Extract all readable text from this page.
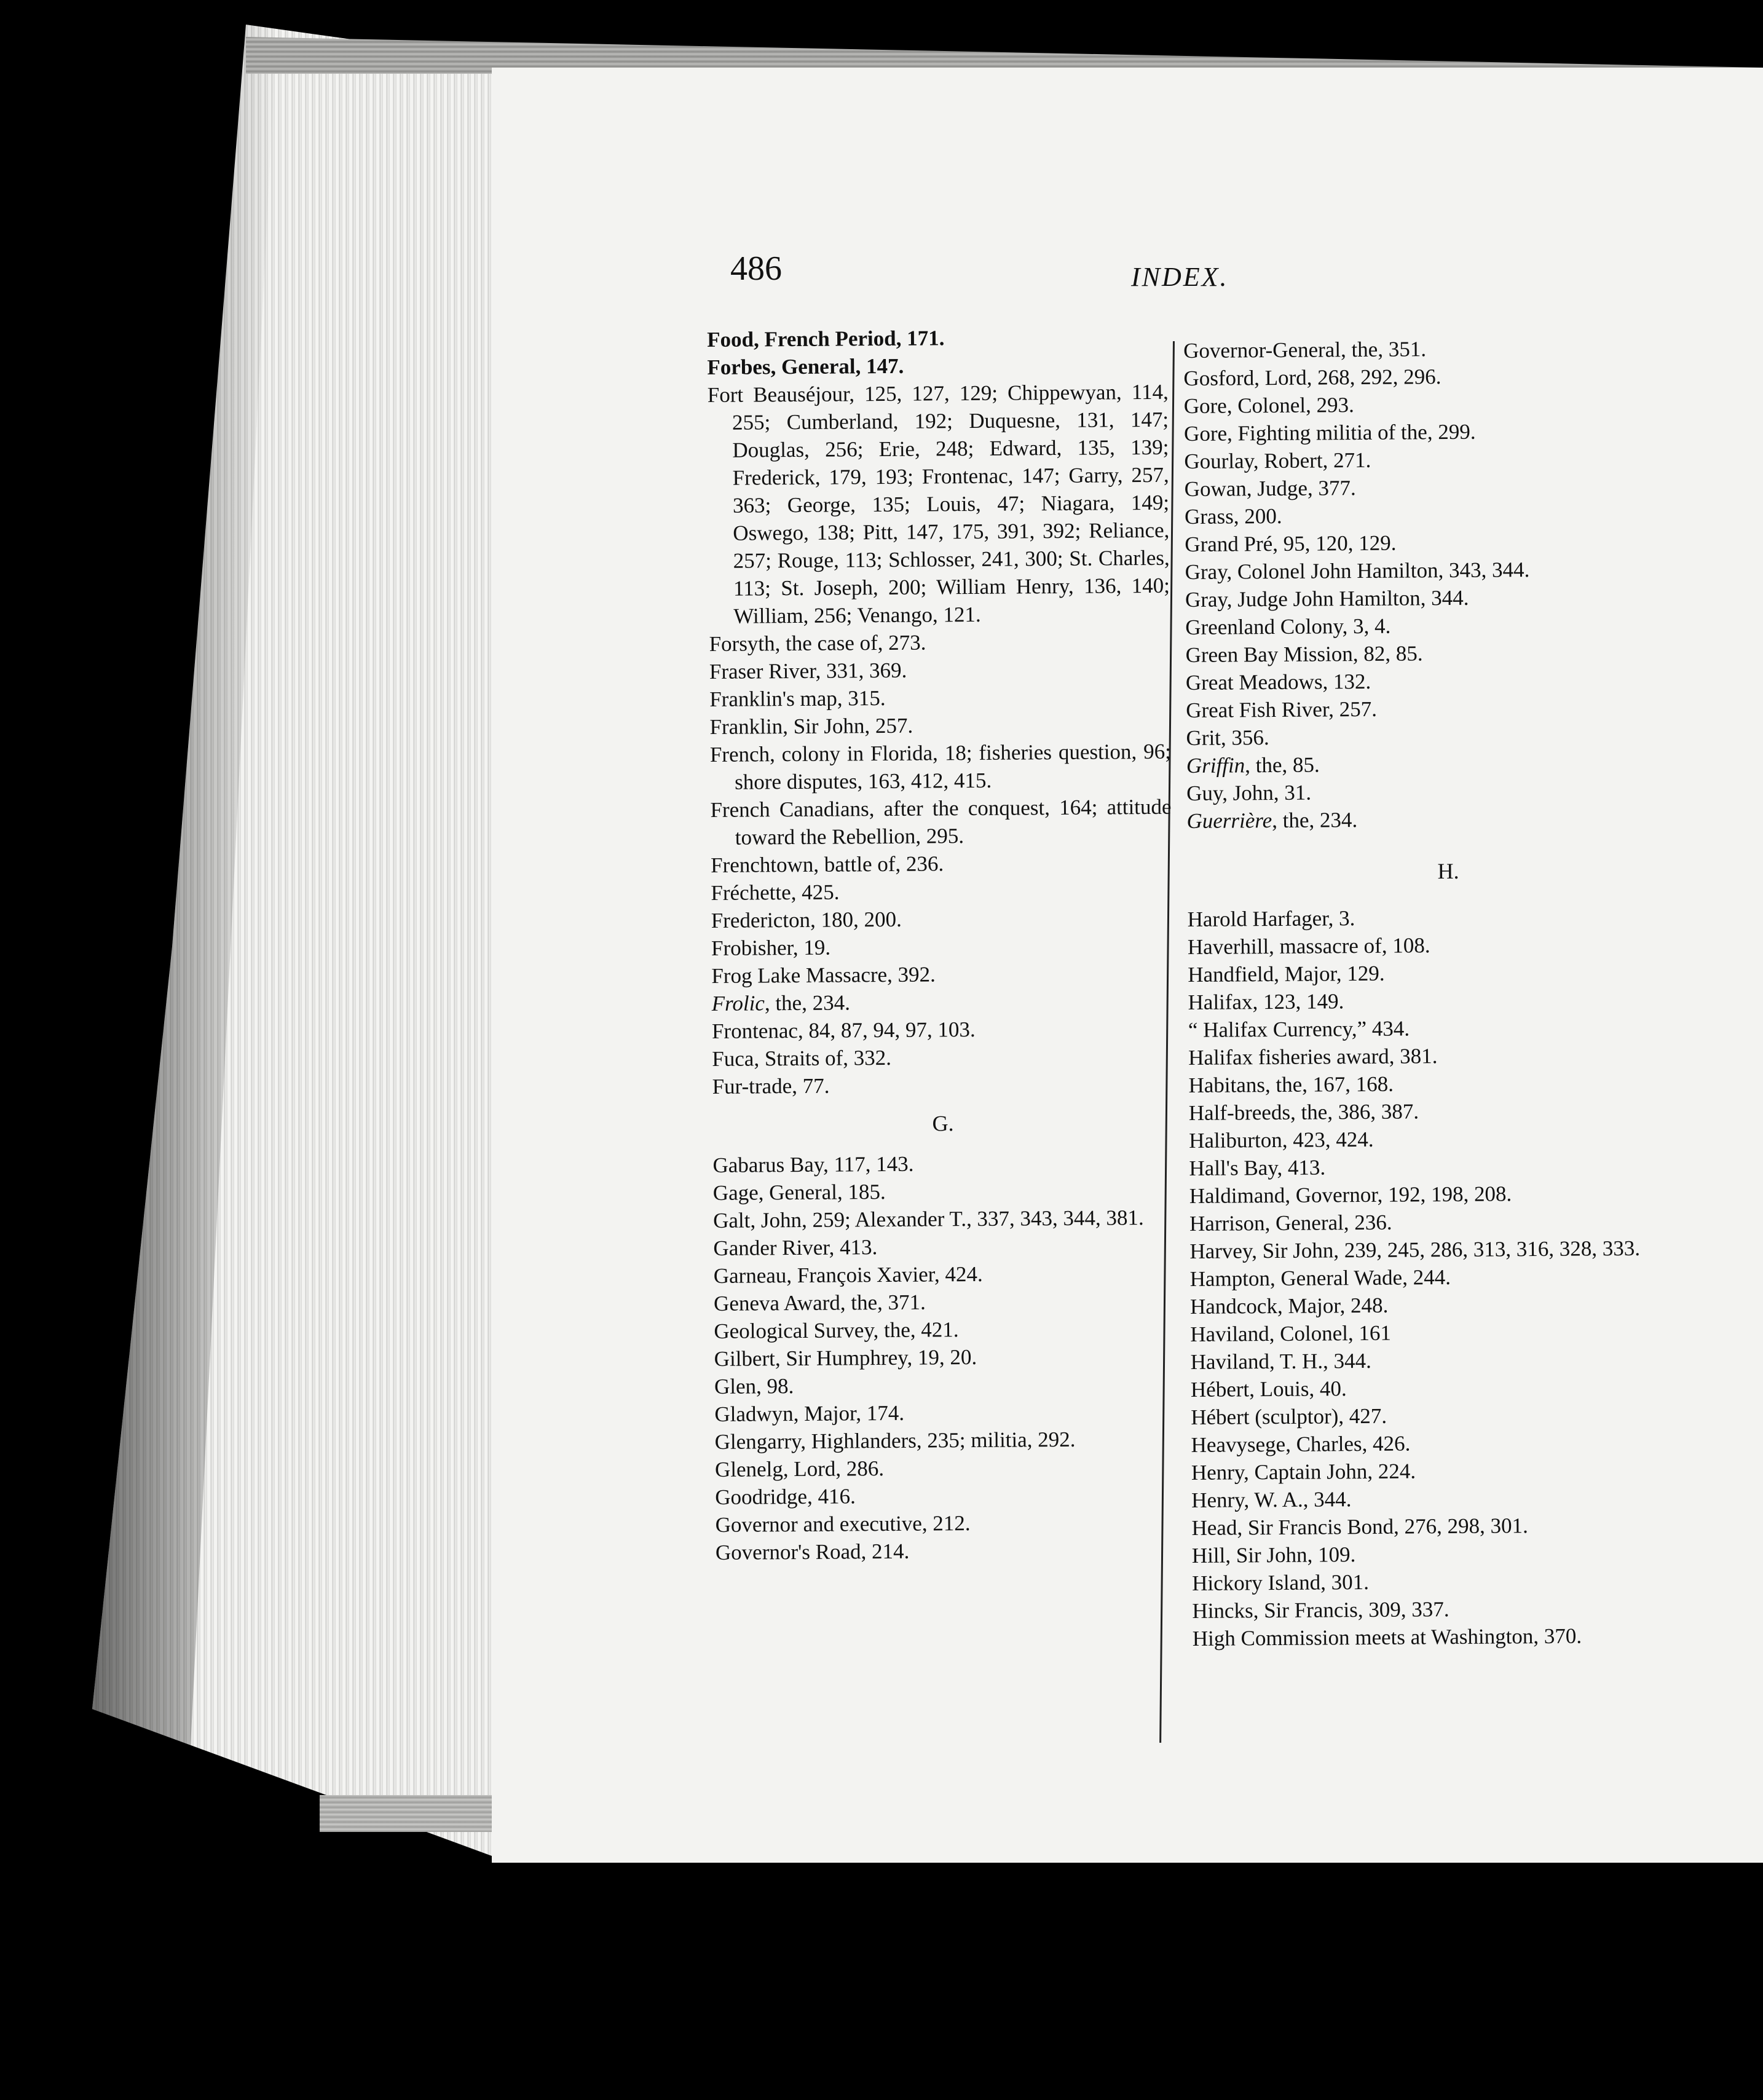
486	INDEX.

Food, French Period, 171.

Forbes, General, 147.

Fort Beauséjour, 125, 127, 129; Chippewyan, 114, 255; Cumberland, 192; Duquesne, 131, 147; Douglas, 256; Erie, 248; Edward, 135, 139; Frederick, 179, 193; Frontenac, 147; Garry, 257, 363; George, 135; Louis, 47; Niagara, 149; Oswego, 138; Pitt, 147, 175, 391, 392; Reliance, 257; Rouge, 113; Schlosser, 241, 300; St. Charles, 113; St. Joseph, 200; William Henry, 136, 140; William, 256; Venango, 121.

Forsyth, the case of, 273.

Fraser River, 331, 369.

Franklin's map, 315.

Franklin, Sir John, 257.

French, colony in Florida, 18; fisheries question, 96; shore disputes, 163, 412, 415.

French Canadians, after the conquest, 164; attitude toward the Rebellion, 295.

Frenchtown, battle of, 236.

Fréchette, 425.

Fredericton, 180, 200.

Frobisher, 19.

Frog Lake Massacre, 392.

Frolic, the, 234.

Frontenac, 84, 87, 94, 97, 103.

Fuca, Straits of, 332.

Fur-trade, 77.

G.

Gabarus Bay, 117, 143.

Gage, General, 185.

Galt, John, 259; Alexander T., 337, 343, 344, 381.

Gander River, 413.

Garneau, François Xavier, 424.

Geneva Award, the, 371.

Geological Survey, the, 421.

Gilbert, Sir Humphrey, 19, 20.

Glen, 98.

Gladwyn, Major, 174.

Glengarry, Highlanders, 235; militia, 292.

Glenelg, Lord, 286.

Goodridge, 416.

Governor and executive, 212.

Governor's Road, 214.

Governor-General, the, 351.

Gosford, Lord, 268, 292, 296.

Gore, Colonel, 293.

Gore, Fighting militia of the, 299.

Gourlay, Robert, 271.

Gowan, Judge, 377.

Grass, 200.

Grand Pré, 95, 120, 129.

Gray, Colonel John Hamilton, 343, 344.

Gray, Judge John Hamilton, 344.

Greenland Colony, 3, 4.

Green Bay Mission, 82, 85.

Great Meadows, 132.

Great Fish River, 257.

Grit, 356.

Griffin, the, 85.

Guy, John, 31.

Guerrière, the, 234.

H.

Harold Harfager, 3.

Haverhill, massacre of, 108.

Handfield, Major, 129.

Halifax, 123, 149.

“ Halifax Currency,” 434.

Halifax fisheries award, 381.

Habitans, the, 167, 168.

Half-breeds, the, 386, 387.

Haliburton, 423, 424.

Hall's Bay, 413.

Haldimand, Governor, 192, 198, 208.

Harrison, General, 236.

Harvey, Sir John, 239, 245, 286, 313, 316, 328, 333.

Hampton, General Wade, 244.

Handcock, Major, 248.

Haviland, Colonel, 161

Haviland, T. H., 344.

Hébert, Louis, 40.

Hébert (sculptor), 427.

Heavysege, Charles, 426.

Henry, Captain John, 224.

Henry, W. A., 344.

Head, Sir Francis Bond, 276, 298, 301.

Hill, Sir John, 109.

Hickory Island, 301.

Hincks, Sir Francis, 309, 337.

High Commission meets at Washington, 370.
